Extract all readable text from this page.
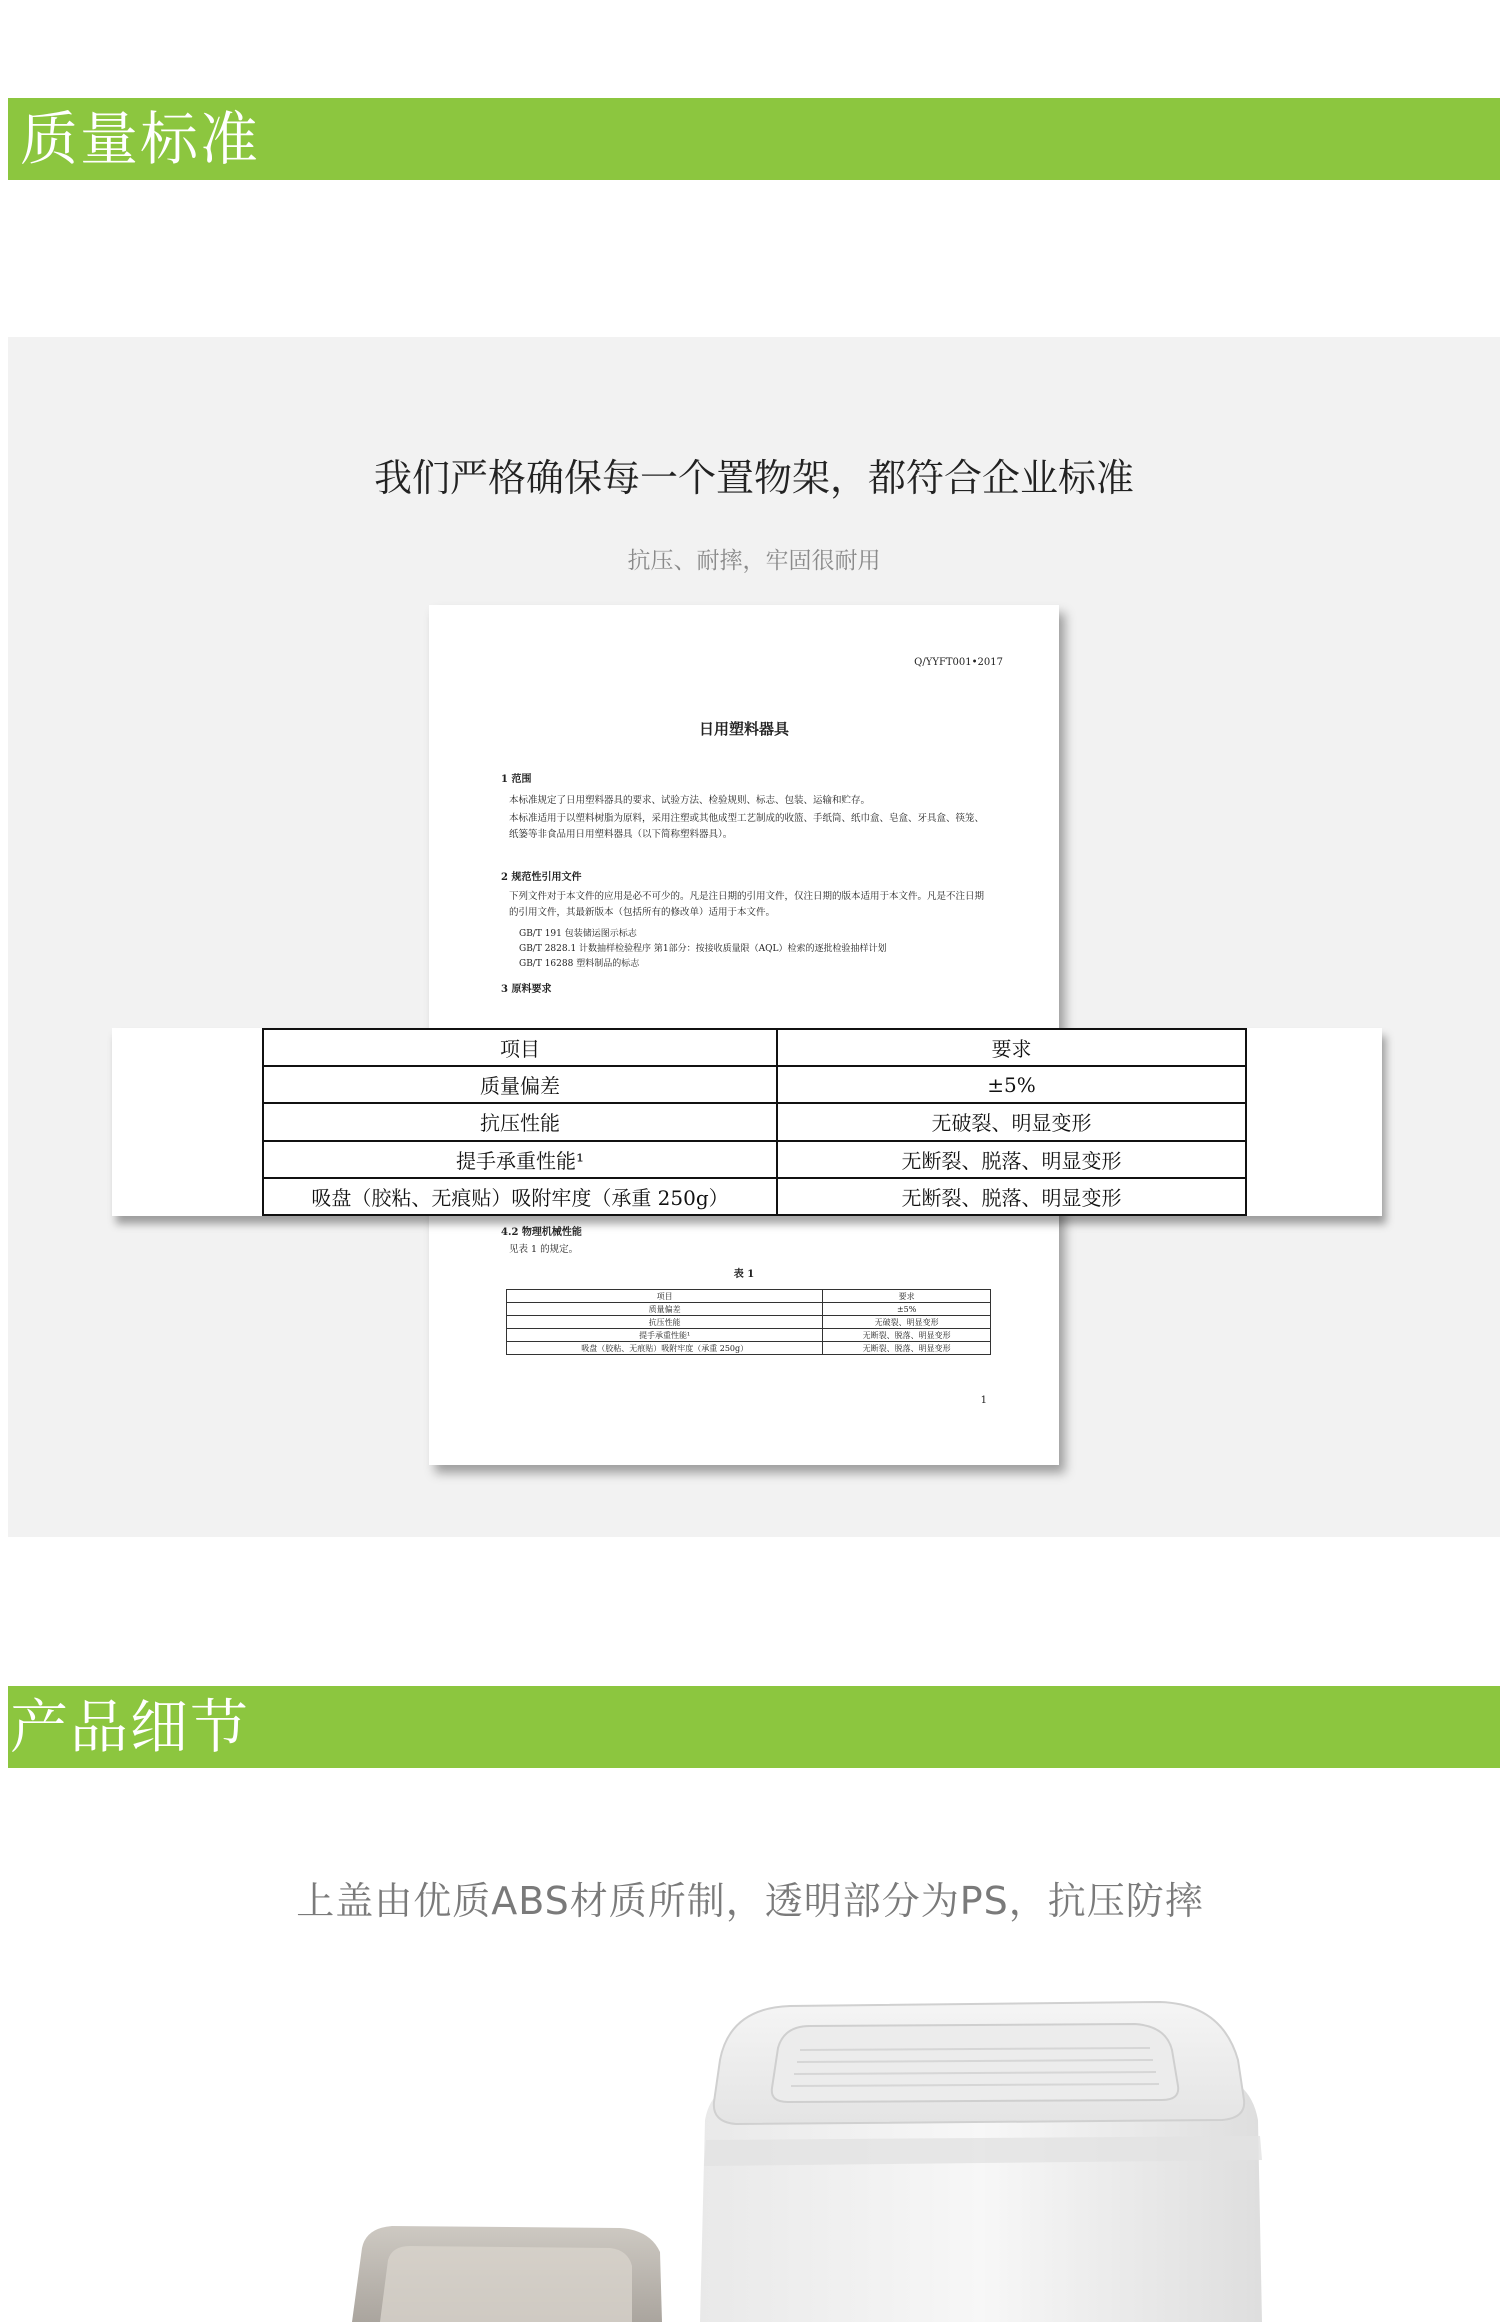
质量标准
我们严格确保每一个置物架，都符合企业标准
抗压、耐摔，牢固很耐用
Q/YYFT001•2017
日用塑料器具
1 范围
本标准规定了日用塑料器具的要求、试验方法、检验规则、标志、包装、运输和贮存。
本标准适用于以塑料树脂为原料，采用注塑或其他成型工艺制成的收篮、手纸筒、纸巾盒、皂盒、牙具盒、筷笼、纸篓等非食品用日用塑料器具（以下简称塑料器具）。
2 规范性引用文件
下列文件对于本文件的应用是必不可少的。凡是注日期的引用文件，仅注日期的版本适用于本文件。凡是不注日期的引用文件，其最新版本（包括所有的修改单）适用于本文件。
GB/T 191 包装储运图示标志
GB/T 2828.1 计数抽样检验程序 第1部分：按接收质量限（AQL）检索的逐批检验抽样计划
GB/T 16288 塑料制品的标志
3 原料要求
4.2 物理机械性能
见表 1 的规定。
表 1
项目	要求
质量偏差	±5%
抗压性能	无破裂、明显变形
提手承重性能¹	无断裂、脱落、明显变形
吸盘（胶粘、无痕贴）吸附牢度（承重 250g）	无断裂、脱落、明显变形
1
项目	要求
质量偏差	±5%
抗压性能	无破裂、明显变形
提手承重性能¹	无断裂、脱落、明显变形
吸盘（胶粘、无痕贴）吸附牢度（承重 250g）	无断裂、脱落、明显变形
产品细节
上盖由优质ABS材质所制，透明部分为PS，抗压防摔
